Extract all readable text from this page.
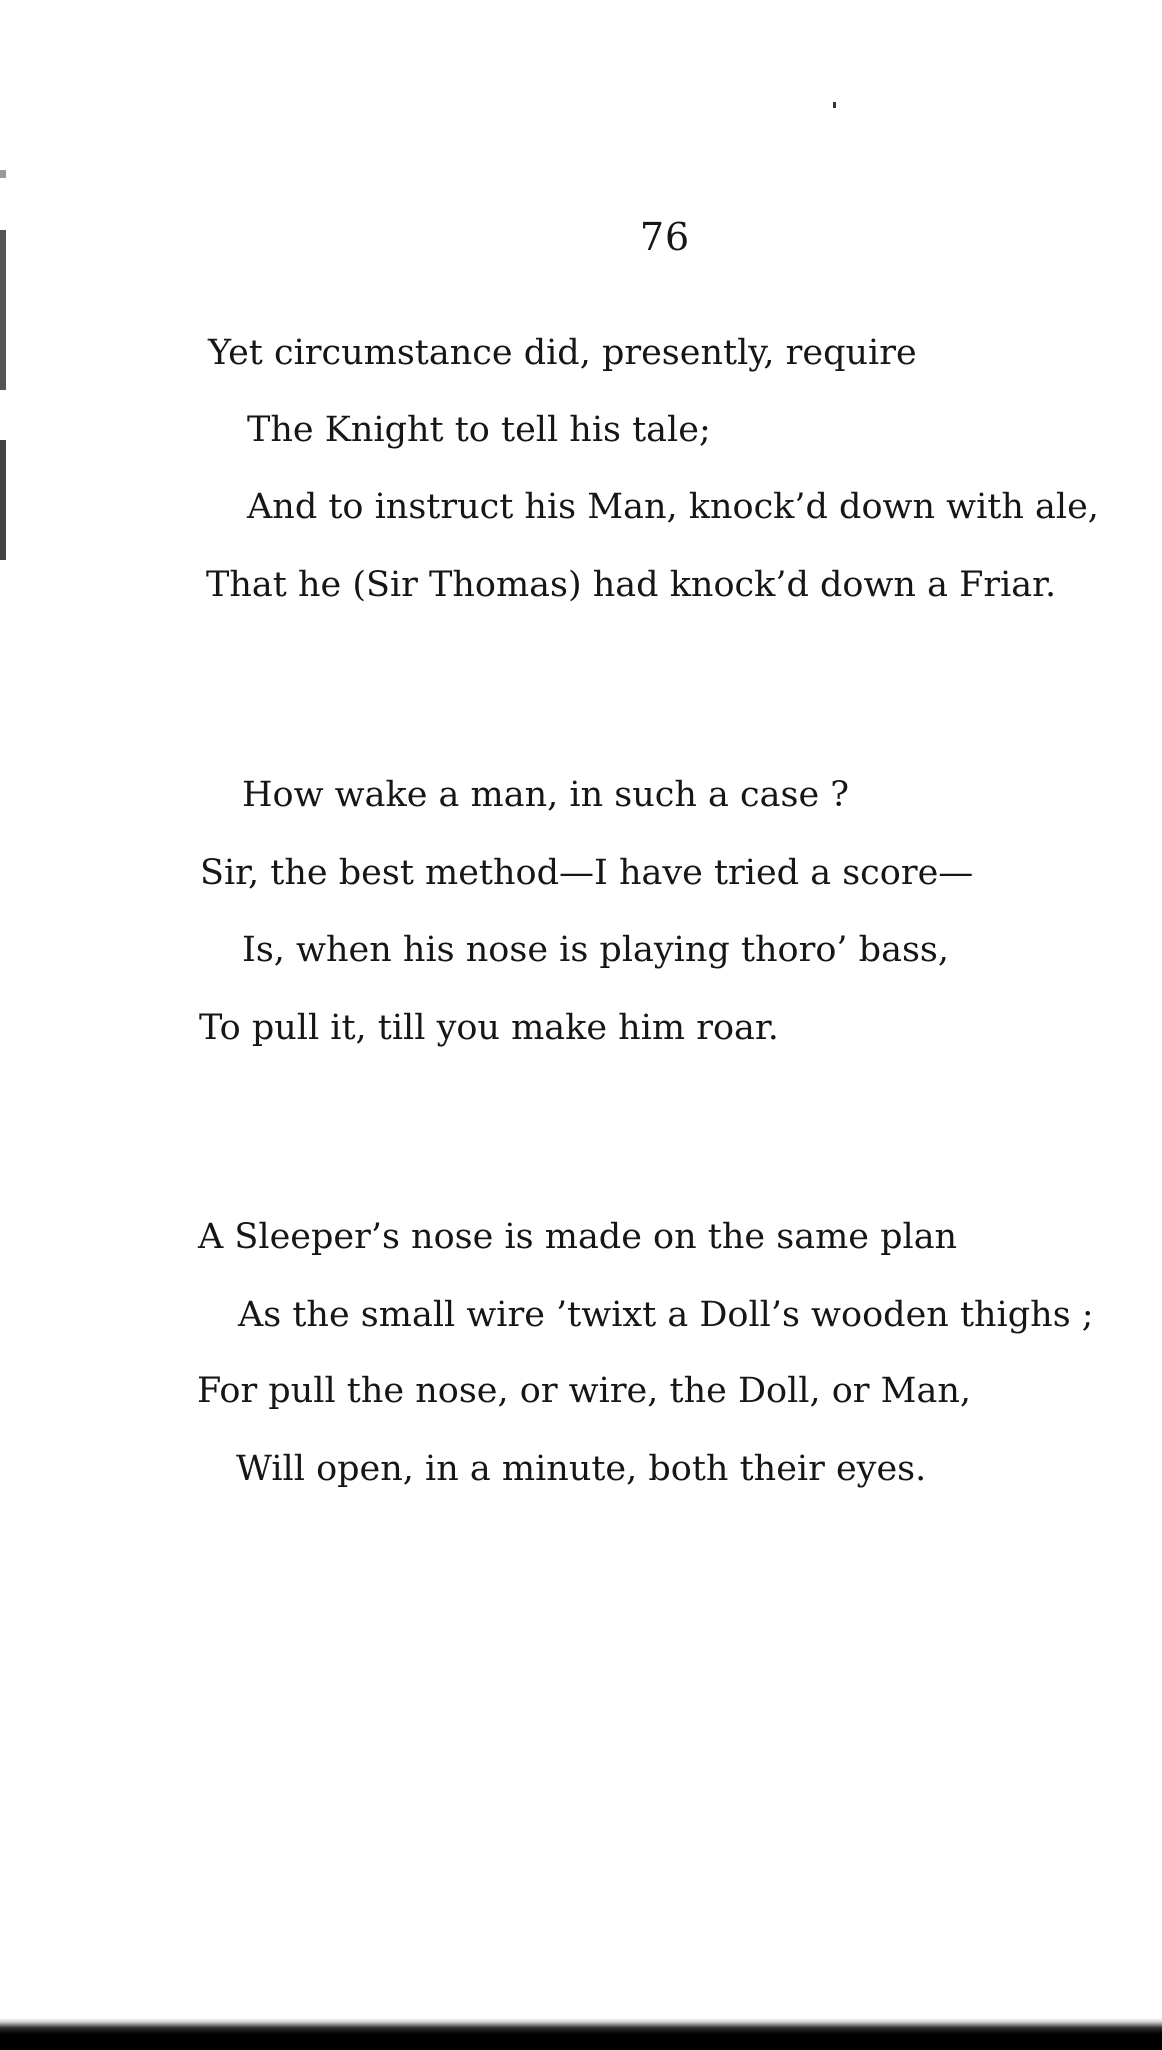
76
Yet circumstance did, presently, require
The Knight to tell his tale;
And to instruct his Man, knock’d down with ale,
That he (Sir Thomas) had knock’d down a Friar.
How wake a man, in such a case ?
Sir, the best method—I have tried a score—
Is, when his nose is playing thoro’ bass,
To pull it, till you make him roar.
A Sleeper’s nose is made on the same plan
As the small wire ’twixt a Doll’s wooden thighs ;
For pull the nose, or wire, the Doll, or Man,
Will open, in a minute, both their eyes.
